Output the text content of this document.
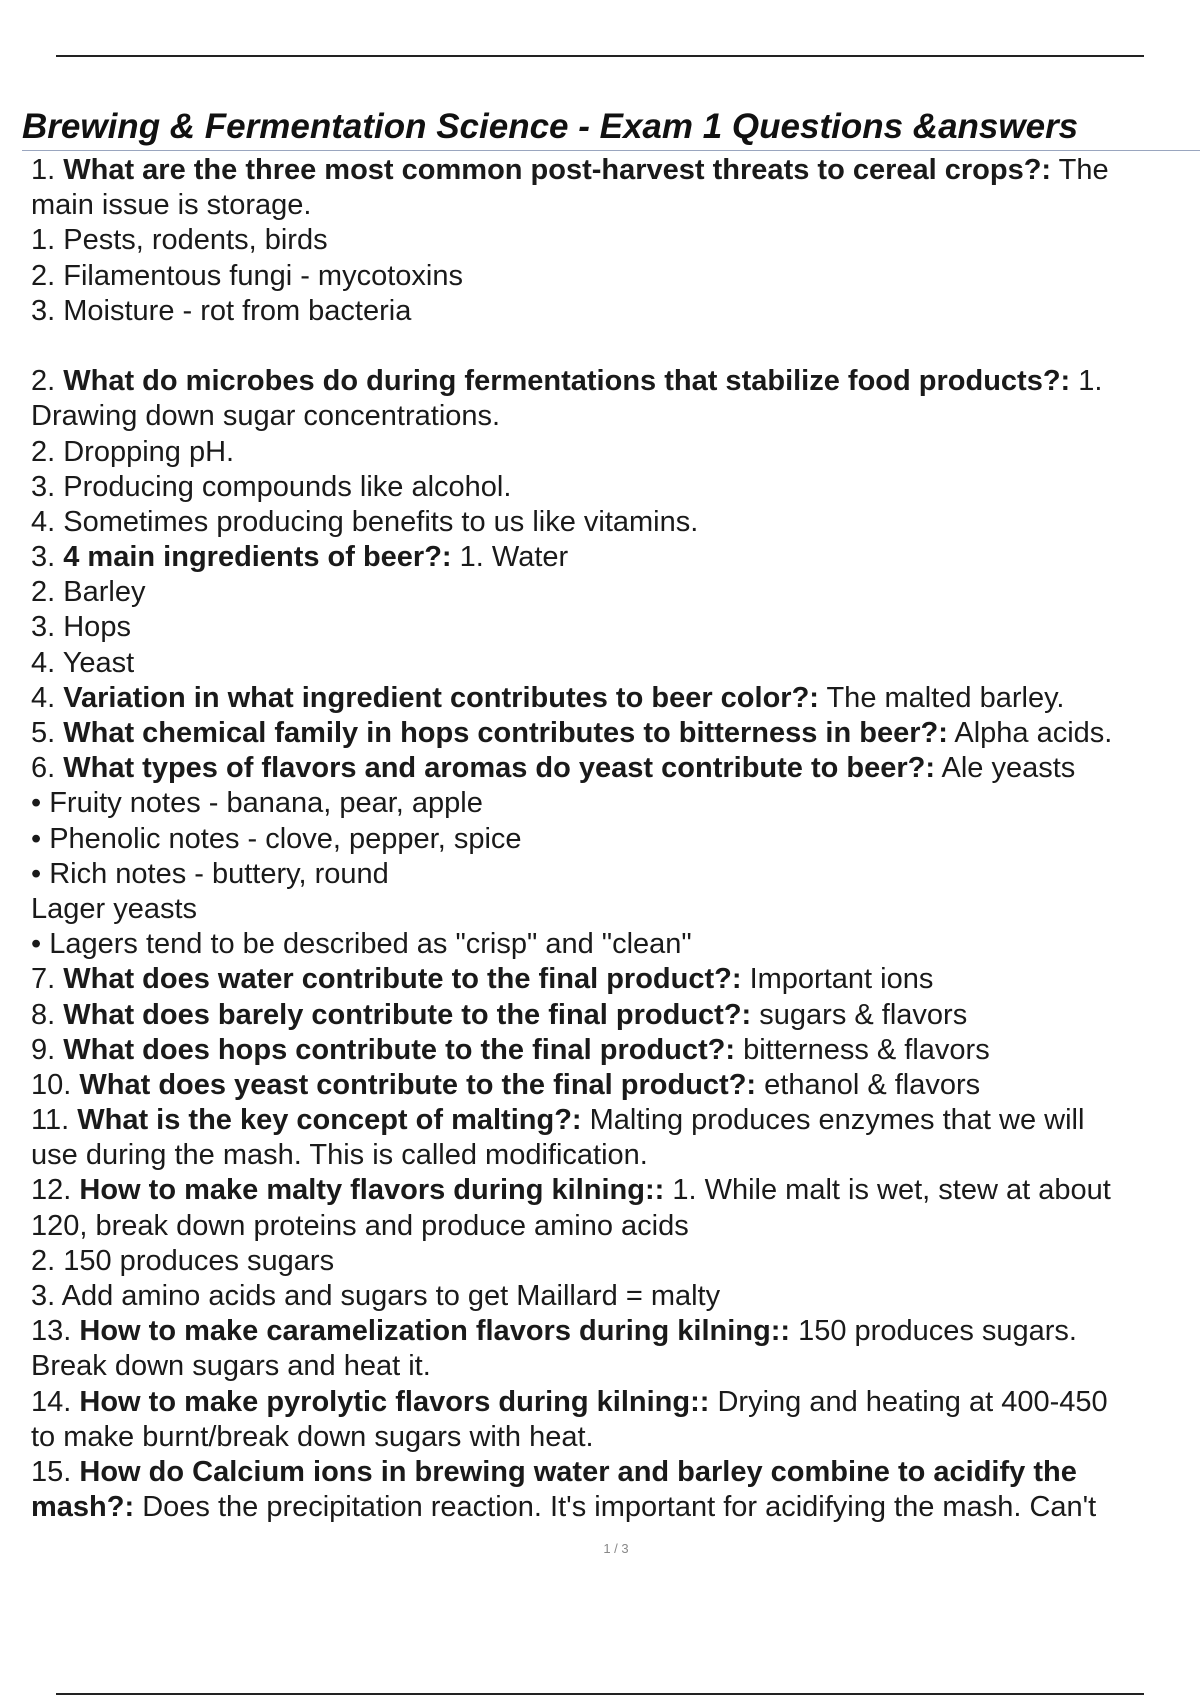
Brewing & Fermentation Science - Exam 1 Questions &answers
1. What are the three most common post-harvest threats to cereal crops?: The
main issue is storage.
1. Pests, rodents, birds
2. Filamentous fungi - mycotoxins
3. Moisture - rot from bacteria
2. What do microbes do during fermentations that stabilize food products?: 1.
Drawing down sugar concentrations.
2. Dropping pH.
3. Producing compounds like alcohol.
4. Sometimes producing benefits to us like vitamins.
3. 4 main ingredients of beer?: 1. Water
2. Barley
3. Hops
4. Yeast
4. Variation in what ingredient contributes to beer color?: The malted barley.
5. What chemical family in hops contributes to bitterness in beer?: Alpha acids.
6. What types of flavors and aromas do yeast contribute to beer?: Ale yeasts
• Fruity notes - banana, pear, apple
• Phenolic notes - clove, pepper, spice
• Rich notes - buttery, round
Lager yeasts
• Lagers tend to be described as "crisp" and "clean"
7. What does water contribute to the final product?: Important ions
8. What does barely contribute to the final product?: sugars & flavors
9. What does hops contribute to the final product?: bitterness & flavors
10. What does yeast contribute to the final product?: ethanol & flavors
11. What is the key concept of malting?: Malting produces enzymes that we will
use during the mash. This is called modification.
12. How to make malty flavors during kilning:: 1. While malt is wet, stew at about
120, break down proteins and produce amino acids
2. 150 produces sugars
3. Add amino acids and sugars to get Maillard = malty
13. How to make caramelization flavors during kilning:: 150 produces sugars.
Break down sugars and heat it.
14. How to make pyrolytic flavors during kilning:: Drying and heating at 400-450
to make burnt/break down sugars with heat.
15. How do Calcium ions in brewing water and barley combine to acidify the
mash?: Does the precipitation reaction. It's important for acidifying the mash. Can't
1 / 3
